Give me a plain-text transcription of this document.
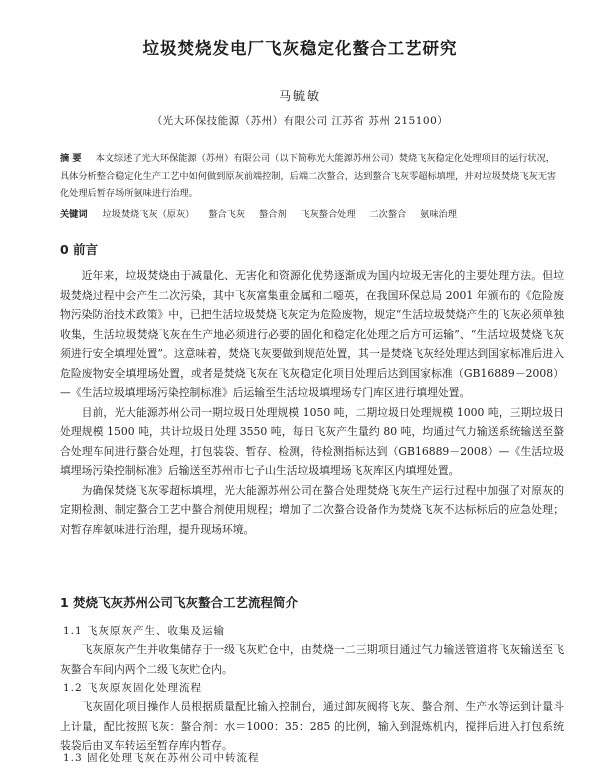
垃圾焚烧发电厂飞灰稳定化螯合工艺研究
马毓敏
（光大环保技能源（苏州）有限公司 江苏省 苏州 215100）
摘 要 本文综述了光大环保能源（苏州）有限公司（以下简称光大能源苏州公司）焚烧飞灰稳定化处理项目的运行状况，具体分析整合稳定化生产工艺中如何做到原灰前端控制，后端二次螯合，达到螯合飞灰零超标填埋，并对垃圾焚烧飞灰无害化处理后暂存场所氨味进行治理。
关键词 垃圾焚烧飞灰（原灰） 螯合飞灰 螯合剂 飞灰螯合处理 二次螯合 氨味治理
0 前言

近年来，垃圾焚烧由于减量化、无害化和资源化优势逐渐成为国内垃圾无害化的主要处理方法。但垃圾焚烧过程中会产生二次污染，其中飞灰富集重金属和二噁英，在我国环保总局 2001 年颁布的《危险废物污染防治技术政策》中，已把生活垃圾焚烧飞灰定为危险废物，规定“生活垃圾焚烧产生的飞灰必须单独收集，生活垃圾焚烧飞灰在生产地必须进行必要的固化和稳定化处理之后方可运输”、“生活垃圾焚烧飞灰须进行安全填埋处置”。这意味着，焚烧飞灰要做到规范处置，其一是焚烧飞灰经处理达到国家标准后进入危险废物安全填埋场处置，或者是焚烧飞灰在飞灰稳定化项目处理后达到国家标准（GB16889－2008）—《生活垃圾填埋场污染控制标准》后运输至生活垃圾填埋场专门库区进行填埋处置。

目前，光大能源苏州公司一期垃圾日处理规模 1050 吨，二期垃圾日处理规模 1000 吨，三期垃圾日处理规模 1500 吨，共计垃圾日处理 3550 吨，每日飞灰产生量约 80 吨，均通过气力输送系统输送至螯合处理车间进行螯合处理，打包装袋、暂存、检测，待检测指标达到（GB16889－2008）—《生活垃圾填埋场污染控制标准》后输送至苏州市七子山生活垃圾填埋场飞灰库区内填埋处置。

为确保焚烧飞灰零超标填埋，光大能源苏州公司在螯合处理焚烧飞灰生产运行过程中加强了对原灰的定期检测、制定螯合工艺中螯合剂使用规程；增加了二次螯合设备作为焚烧飞灰不达标标后的应急处理；对暂存库氨味进行治理，提升现场环境。

1 焚烧飞灰苏州公司飞灰螯合工艺流程简介
1.1 飞灰原灰产生、收集及运输

飞灰原灰产生并收集储存于一级飞灰贮仓中，由焚烧一二三期项目通过气力输送管道将飞灰输送至飞灰螯合车间内两个二级飞灰贮仓内。

1.2 飞灰原灰固化处理流程

飞灰固化项目操作人员根据质量配比输入控制台，通过卸灰阀将飞灰、螯合剂、生产水等运到计量斗上计量，配比按照飞灰：螯合剂：水＝1000：35：285 的比例，输入到混炼机内，搅拌后进入打包系统装袋后由叉车转运至暂存库内暂存。

1.3 固化处理飞灰在苏州公司中转流程
